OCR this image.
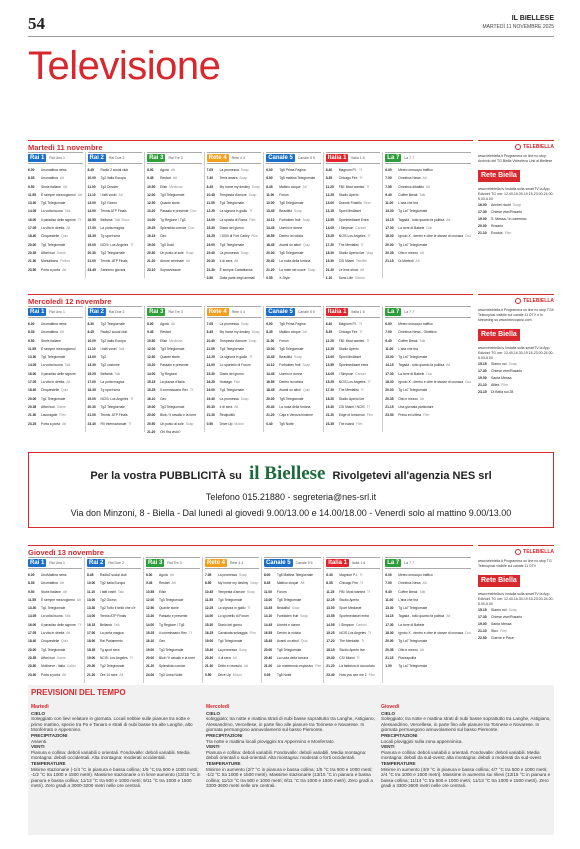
54	IL BIELLESE
MARTEDÌ 11 NOVEMBRE 2025
Televisione
Martedì 11 novembre
Rai 1	Rai Uno 1
6.00	Unomattina news
8.35	Unomattina Att
9.50	Storie italiane Att
11.55	È sempre mezzogiorno! Att
13.30	Tg1 Telegiornale
14.05	La volta buona Talk
16.00	Il paradiso delle signore Tf
17.05	La vita in diretta Att
18.40	Cinquestelle Quiz
20.00	Tg1 Telegiornale
20.35	Affari tuoi Game
21.30	Montalbano Fiction
23.50	Porta a porta Att
Rai 2	Rai Due 2
8.45	Radio 2 social club
10.00	Tg2 Italia Europa
11.00	Tg2 Dossier
11.10	I fatti vostri Att
13.00	Tg2 Giorno
14.00	Tennis ATP Finals
16.55	Bellamà Talk Show
17.00	La porta magica
18.35	Tg sport sera
19.00	NCIS: Los Angeles Tf
20.30	Tg2 Telegiornale
21.00	Tennis. ATP Finals
23.45	Sanremo giovani
Rai 3	Rai Tre 3
8.00	Agorà Att
9.45	Restart Att
10.50	Elisir Medicina
12.00	Tg3 Telegiornale
12.50	Quante storie
13.20	Passato e presente Doc
14.00	Tg Regione / Tg3
15.25	Splendida cornice Doc
16.15	Geo
19.00	Tg3 Dolci
20.50	Un posto al sole Soap
21.20	Amore criminale Att
23.10	Sopravvissute
Rete 4	Rete 4 4
7.05	La promessa Soap
7.40	Terra amara Soap
8.45	My home my destiny Soap
10.45	Tempesta d'amore Soap
11.55	Tg4 Telegiornale
12.25	La signora in giallo Tf
14.00	La sposta di Roma Film
15.30	Diario del giorno
16.25	I 1000 di Fort Carley Film
19.00	Tg4 Telegiornale
19.40	La promessa Soap
20.30	4 di sera Att
21.30	È sempre Cartabianca
0.50	Dalla parte degli animali
Canale 5	Canale 5 5
6.00	Tg5 Prima Pagina
8.00	Tg5 mattina Telegiornale
8.45	Mattino cinque Att
11.00	Forum
13.00	Tg5 Telegiornale
13.45	Beautiful Soap
14.10	Forbidden fruit Soap
14.45	Uomini e donne
16.55	Dentro la notizia
18.45	Avanti un altro! Quiz
20.00	Tg5 Telegiornale
20.40	La ruota della fortuna
21.20	La notte nel cuore Soap
0.05	X-Style
Italia 1	Italia 1 6
6.40	Magnum P.I. Tf
8.35	Chicago Fire Tf
11.25	FBI: Most wanted Tf
12.25	Studio Aperto
13.00	Grande Fratello Reel
13.15	Sport Mediaset
13.55	Sportmediaset Extra
14.05	I Simpson Cartoni
15.25	NCIS Los Angeles Tf
17.20	The Mentalist Tf
18.20	Studio Aperto live Mag
19.30	CSI Miami Telefilm
21.20	Le iene show Att
1.10	Sons Lille Sitcom
La 7	La 7 7
6.00	Meteo oroscopo traffico
7.00	Omnibus News Att
7.55	Omnibus dibattito Att
9.40	Coffee Break Talk
11.00	L'aria che tira
13.30	Tg La7 Telegiornale
14.15	Tagadà - tutto quanto fa politica Att
17.30	La torre di Babele Doc
18.30	Ignoto X - dentro e oltre le stanze di cronaca Doc
20.00	Tg La7 Telegiornale
20.35	Otto e mezzo Att
21.15	Di Martedì Att
TELEBIELLA
www.telebiella.it Programma on line no stop Archivio del TG Biella Videoteca Link ai Biellese
Rete Biella
www.retebiella.tv Installa sulla smartTV la App. Edizioni TG ore: 12.40-16.30-19.15-23.00-24.00-5.00-6.00
16.00	Anchei ricchi Soap
17.30	Chiese vive/Rosario
19.00	S. Messa / In cammino
20.00	Rosario
21.10	Exodus Film
Mercoledì 12 novembre
Rai 1	Rai Uno 1
6.00	Unomattina news
8.35	Unomattina Att
9.50	Storie italiane
11.55	È sempre mezzogiorno!
13.30	Tg1 Telegiornale
14.05	La volta buona Talk
16.00	Il paradiso delle signore
17.05	La vita in diretta Att
18.40	Cinquestelle Quiz
20.00	Tg1 Telegiornale
20.35	Affari tuoi Game
21.30	Lavoragale Film
23.25	Porta a porta Att
Rai 2	Rai Due 2
8.30	Tg2 Telegiornale
8.45	Radio2 social club
10.00	Tg2 Italia Europa
11.10	I fatti vostri Talk
13.00	Tg2
13.30	Tg2 costume
15.25	Bellamà Talk
17.00	La porta magica
18.35	Tg sport sera
19.00	NCIS: Los Angeles Tf
20.30	Tg2 Telegiornale
21.00	Tennis. ATP Finals
23.40	Fill Internazionale Tf
Rai 3	Rai Tre 3
8.00	Agorà Att
9.45	Restart
10.50	Elisir Medicina
12.00	Tg3 Telegiornale
12.50	Quante storie
13.20	Passato e presente
14.00	Tg Regione
15.15	La piazza d'Italia
15.25	Il commissario Rex Tf
16.10	Geo
19.00	Tg3 Telegiornale
20.00	Blob / Il cavallo e la torre
20.50	Un posto al sole Soap
21.20	Chi l'ha visto?
Rete 4	Rete 4 4
7.05	La promessa Soap
8.45	My home my destiny Soap
10.40	Tempesta d'amore Soap
11.55	Tg4 Telegiornale
12.25	La signora in giallo Tf
14.00	Lo sportello di Forum
15.30	Diario del giorno
16.25	Hostage Film
19.00	Tg4 Telegiornale
19.40	La promessa Soap
20.30	4 di sera Att
21.30	Realpolitik
0.50	Drive Up Motori
Canale 5	Canale 5 5
6.00	Tg5 Prima Pagina
8.45	Mattino cinque Att
11.00	Forum
13.00	Tg5 Telegiornale
13.45	Beautiful Soap
14.10	Forbidden fruit Soap
14.45	Uomini e donne
16.55	Dentro la notizia
18.45	Avanti un altro! Quiz
20.00	Tg5 Telegiornale
20.40	La ruota della fortuna
21.20	Caja e Veneza insieme
0.40	Tg5 Notte
Italia 1	Italia 1 6
6.40	Magnum P.I. Tf
8.35	Chicago Fire Tf
11.25	FBI: Most wanted Tf
12.25	Studio Aperto
13.00	Sport Mediaset
13.55	Sportmediaset extra
14.05	I Simpson Cartoni
15.25	NCIS Los Angeles Tf
17.20	The Mentalist Tf
18.20	Studio Aperto live
19.30	CSI Miami / NCIS Tf
21.20	Edge of tomorrow Film
23.35	The Island Film
La 7	La 7 7
6.00	Meteo oroscopo traffico
7.00	Omnibus News - Obiettivo
9.40	Coffee Break Talk
11.00	L'aria che tira
13.30	Tg La7 Telegiornale
14.15	Tagadà - tutto quanto fa politica Att
17.30	La torre di Babele Doc
18.30	Ignoto X - dentro e oltre le stanze di cronaca Doc
20.00	Tg La7 Telegiornale
20.35	Otto e mezzo Att
21.15	Una giornata particolare
23.50	Prima ed ultima Film
TELEBIELLA
www.telebiella.it Programma on line no stop TG4 Telecopiosi visibile sul canale 11 DTV e in streaming su www.telecopiosi.com
Rete Biella
www.retebiella.tv Installa sulla smartTV la App. Edizioni TG ore: 12.40-16.30-19.15-23.00-24.00-5.00-6.00
15.15	Siamo noi Soap
17.30	Chiese vive/Rosario
19.00	Santa Messa
21.10	Allies Film
23.15	Di Bella sul 28
Giovedì 13 novembre
Rai 1	Rai Uno 1
6.00	UnoMattina news
8.35	Unomattina Att
9.50	Storie italiane Att
11.55	È sempre mezzogiorno Att
13.30	Tg1 Telegiornale
14.05	La volta buona Talk
16.00	Il paradiso delle signore Tf
17.05	La vita in diretta Att
18.40	Cinquestelle Quiz
20.00	Tg1 Telegiornale
20.35	Affari tuoi Game
20.50	Mollineve - Italia Calcio
23.30	Porta a porta Att
Rai 2	Rai Due 2
8.45	Radio2 social club
10.00	Tg2 Italia Europa
11.10	I fatti vostri Talk
13.00	Tg2 Giorno
13.30	Tg2 Tutto il bello che c'è
14.00	Tennis ATP Finals
16.15	Bellamà Talk
17.00	La porta magica
18.00	Rai Parlamento
18.35	Tg sport sera
19.00	NCIS: Los Angeles Tf
20.30	Tg2 Telegiornale
21.20	Ore 14 sera Att
Rai 3	Rai Tre 3
8.00	Agorà Att
9.45	Restart Att
10.55	Elisir
12.00	Tg3 Telegiornale
12.50	Quante storie
13.20	Passato e presente
14.00	Tg Regione / Tg3
15.25	Il commissario Rex Tf
16.10	Geo
19.00	Tg3 Telegiornale
20.00	Blob / Il cavallo e la torre
21.20	Splendida cornice
24.00	Tg3 Linea Notte
Rete 4	Rete 4 4
7.05	La promessa Soap
8.50	My home my destiny Soap
10.45	Tempesta d'amore Soap
11.55	Tg4 Telegiornale
12.25	La signora in giallo Tf
14.00	Lo sportello di Forum
15.30	Diario del giorno
16.25	Cavalcata selvaggia Film
19.00	Tg4 Telegiornale
19.40	La promessa Soap
20.30	4 di sera Att
21.30	Dritto e rovescio Att
0.50	Drive Up Motori
Canale 5	Canale 5 5
8.00	Tg5 Mattina Telegiornale
8.45	Mattino cinque Att
11.00	Forum
13.00	Tg5 Telegiornale
13.45	Beautiful Soap
14.10	Forbidden fruit Soap
14.45	Uomini e donne
16.55	Dentro la notizia
18.45	Avanti un altro! Quiz
20.00	Tg5 Telegiornale
20.40	La ruota della fortuna
21.20	Un matrimonio esplosivo Film
0.05	Tg5 Notte
Italia 1	Italia 1 6
6.40	Magnum P.I. Tf
8.35	Chicago Fire Tf
11.25	FBI: Most wanted Tf
12.25	Studio Aperto
13.00	Sport Mediaset
13.55	Sportmediaset extra
14.05	I Simpson Cartoni
15.25	NCIS Los Angeles Tf
17.20	The Mentalist Tf
18.15	Studio Aperto live
19.30	CSI Miami Tf
21.20	La fabbrica di cioccolato
23.40	How you see me 2 Film
La 7	La 7 7
6.00	Meteo oroscopo traffico
7.00	Omnibus News Att
9.40	Coffee Break Talk
11.00	L'aria che tira
13.30	Tg La7 Telegiornale
14.15	Tagadà - tutto quanto fa politica Att
17.30	La torre di Babele
18.30	Ignoto X - dentro e oltre le stanze di cronaca Doc
20.00	Tg La7 Telegiornale
20.35	Otto e mezzo Att
21.15	Piazzapulita
1.00	Tg La7 Telegiornale
TELEBIELLA
www.telebiella.it Programma on line no stop TG Telecopiosi visibile sul canale 11 DTV
Rete Biella
www.retebiella.tv Installa sulla smartTV la App. Edizioni TG ore: 12.40-16.30-19.15-23.00-24.00-5.00-6.00
15.15	Siamo noi Soap
17.30	Chiese vive/Rosario
19.00	Santa Messa
21.10	Stux Film
22.50	Guerre e Pace
Per la vostra PUBBLICITÀ su il Biellese Rivolgetevi all'agenzia NES srl
Telefono 015.21880 - segreteria@nes-srl.it
Via don Minzoni, 8 - Biella - Dal lunedì al giovedì 9.00/13.00 e 14.00/18.00 - Venerdì solo al mattino 9.00/13.00
PREVISIONI DEL TEMPO
Martedì
CIELO
Soleggiato con lievi velature in giornata. Locali nebbie sulle pianure tra notte e primo mattino, specie tra Po e Tanaro e strati di nubi basse tra alte Langhe, alto Monferrato e Appennino.
PRECIPITAZIONI
Assenti.
VENTI
Pianura e collina: deboli variabili o orientali. Fondovalle: deboli variabili. Media montagna: deboli occidentali. Alta montagna: moderati occidentali.
TEMPERATURE
Minime stazionarie (-1/4 °C in pianura e bassa collina; 1/5 °C tra 500 e 1000 metri; -1/2 °C tra 1000 e 1500 metri). Massime stazionarie o in lieve aumento (13/15 °C in pianura e bassa collina; 11/13 °C tra 500 e 1000 metri; 9/11 °C tra 1000 e 1500 metri). Zero gradi a 3000-3200 metri nelle ore centrali.
Mercoledì
CIELO
soleggiato; tra notte e mattina strati di nubi basse soprattutto tra Langhe, Astigiano, Alessandrino, Vercellese, in parte fino alle pianure tra Torinese e Novarese. In giornata permangono annuvolamenti sul basso Piemonte.
PRECIPITAZIONI
Tra notte e mattina locali pioviggini tra Appennino e Monferrato.
VENTI
Pianura e collina: deboli variabili. Fondovalle: deboli variabili. Media montagna: deboli orientali o sud-orientali. Alta montagna: moderati o forti occidentali.
TEMPERATURE
Minime in aumento (2/7 °C in pianura e bassa collina; 1/5 °C tra 500 e 1000 metri; -1/2 °C tra 1000 e 1500 metri). Massime stazionarie (13/15 °C in pianura e bassa collina; 11/13 °C tra 500 e 1000 metri; 9/11 °C tra 1000 e 1500 metri). Zero gradi a 3300-3600 metri nelle ore centrali.
Giovedì
CIELO
Soleggiato; tra notte e mattina strati di nubi basse soprattutto tra Langhe, Astigiano, Alessandrino, Vercellese, in parte fino alle pianure tra Torinese e Novarese. In giornata permangono annuvolamenti sul basso Piemonte.
PRECIPITAZIONI
Locali pioviggini sulla zona appenninica.
VENTI
Pianura e collina: deboli variabili o orientali. Fondovalle: deboli variabili. Media montagna: deboli da sud-ovest; alta montagna: deboli o moderati da sud-ovest
TEMPERATURE
Minime in aumento (4/9 °C in pianura e bassa collina; 4/7 °C tra 500 e 1000 metri; 2/4 °C tra 1000 e 1500 metri). Massime in aumento sui rilievi (13/15 °C in pianura e bassa collina; 11/14 °C tra 500 e 1000 metri; 11/13 °C tra 1000 e 1500 metri). Zero gradi a 3300-3600 metri nelle ore centrali.
